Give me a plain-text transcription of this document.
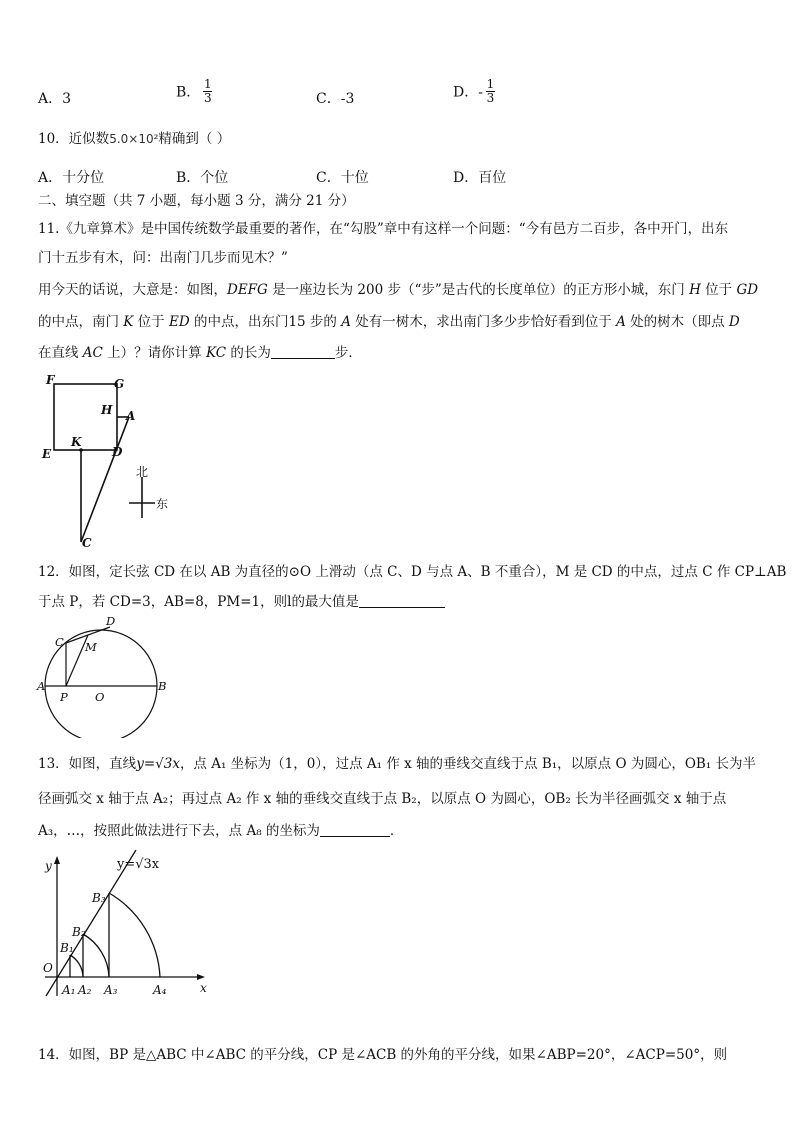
A．3	B． $\frac{1}{3}$	C．-3	D．- $\frac{1}{3}$
10．近似数5.0×10²精确到（ ）
A．十分位	B．个位	C．十位	D．百位
二、填空题（共 7 小题，每小题 3 分，满分 21 分）
11.《九章算术》是中国传统数学最重要的著作，在“勾股”章中有这样一个问题：“今有邑方二百步，各中开门，出东
门十五步有木，问：出南门几步而见木？”
用今天的话说，大意是：如图，DEFG 是一座边长为 200 步（“步”是古代的长度单位）的正方形小城，东门 H 位于 GD
的中点，南门 K 位于 ED 的中点，出东门15 步的 A 处有一树木，求出南门多少步恰好看到位于 A 处的树木（即点 D
在直线 AC 上）？请你计算 KC 的长为	步．
F	G
H A
E
K
D
C
北
东
12．如图，定长弦 CD 在以 AB 为直径的⊙O 上滑动（点 C、D 与点 A、B 不重合），M 是 CD 的中点，过点 C 作 CP⊥AB
于点 P，若 CD=3，AB=8，PM=1，则l的最大值是
A	B
C
D
M
P O
13．如图，直线y=√3x，点 A₁ 坐标为（1，0），过点 A₁ 作 x 轴的垂线交直线于点 B₁，以原点 O 为圆心，OB₁ 长为半
径画弧交 x 轴于点 A₂；再过点 A₂ 作 x 轴的垂线交直线于点 B₂，以原点 O 为圆心，OB₂ 长为半径画弧交 x 轴于点
A₃，…，按照此做法进行下去，点 A₈ 的坐标为	．
y
x
O
B₁
B₂
B₃
A₁ A₂ A₃	A₄
y=√3x
14．如图，BP 是△ABC 中∠ABC 的平分线，CP 是∠ACB 的外角的平分线，如果∠ABP=20°，∠ACP=50°，则
